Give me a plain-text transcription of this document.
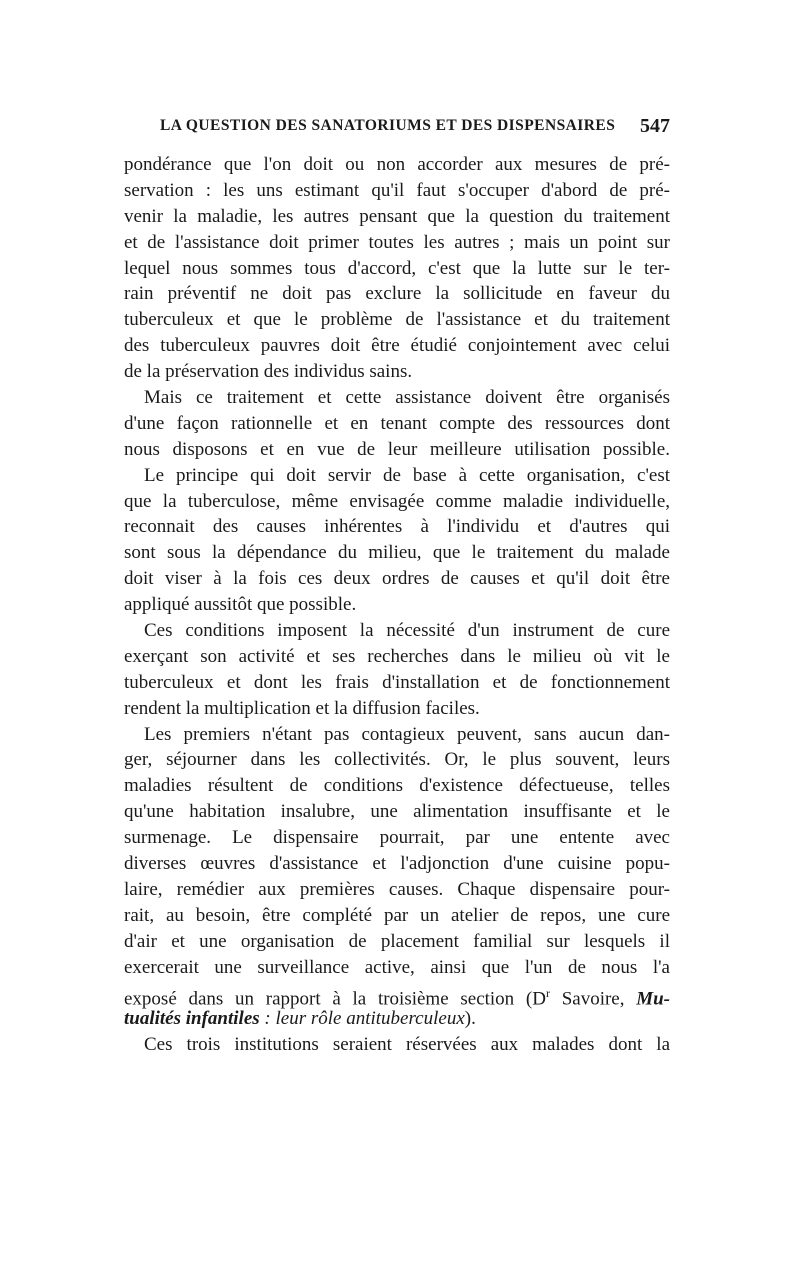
LA QUESTION DES SANATORIUMS ET DES DISPENSAIRES 547
pondérance que l'on doit ou non accorder aux mesures de pré-
servation : les uns estimant qu'il faut s'occuper d'abord de pré-
venir la maladie, les autres pensant que la question du traitement
et de l'assistance doit primer toutes les autres ; mais un point sur
lequel nous sommes tous d'accord, c'est que la lutte sur le ter-
rain préventif ne doit pas exclure la sollicitude en faveur du
tuberculeux et que le problème de l'assistance et du traitement
des tuberculeux pauvres doit être étudié conjointement avec celui
de la préservation des individus sains.
Mais ce traitement et cette assistance doivent être organisés
d'une façon rationnelle et en tenant compte des ressources dont
nous disposons et en vue de leur meilleure utilisation possible.
Le principe qui doit servir de base à cette organisation, c'est
que la tuberculose, même envisagée comme maladie individuelle,
reconnait des causes inhérentes à l'individu et d'autres qui
sont sous la dépendance du milieu, que le traitement du malade
doit viser à la fois ces deux ordres de causes et qu'il doit être
appliqué aussitôt que possible.
Ces conditions imposent la nécessité d'un instrument de cure
exerçant son activité et ses recherches dans le milieu où vit le
tuberculeux et dont les frais d'installation et de fonctionnement
rendent la multiplication et la diffusion faciles.
Les premiers n'étant pas contagieux peuvent, sans aucun dan-
ger, séjourner dans les collectivités. Or, le plus souvent, leurs
maladies résultent de conditions d'existence défectueuse, telles
qu'une habitation insalubre, une alimentation insuffisante et le
surmenage. Le dispensaire pourrait, par une entente avec
diverses œuvres d'assistance et l'adjonction d'une cuisine popu-
laire, remédier aux premières causes. Chaque dispensaire pour-
rait, au besoin, être complété par un atelier de repos, une cure
d'air et une organisation de placement familial sur lesquels il
exercerait une surveillance active, ainsi que l'un de nous l'a
exposé dans un rapport à la troisième section ($D^r$ Savoire, Mu-
tualités infantiles : leur rôle antituberculeux).
Ces trois institutions seraient réservées aux malades dont la
